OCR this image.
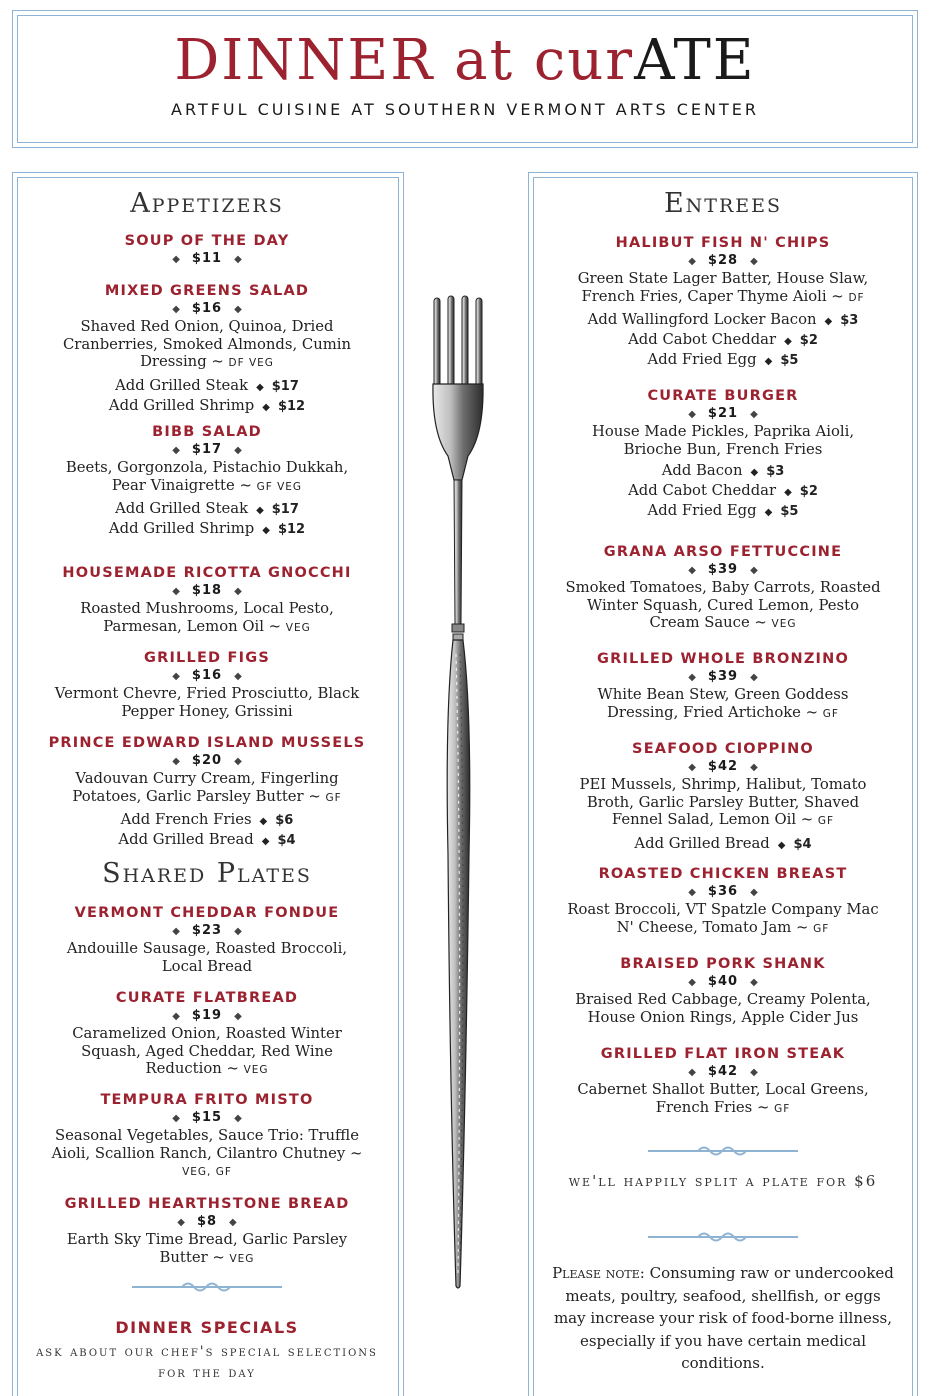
DINNER at curATE
ARTFUL CUISINE AT SOUTHERN VERMONT ARTS CENTER
Appetizers
SOUP OF THE DAY
◆ $11 ◆
MIXED GREENS SALAD
◆ $16 ◆
Shaved Red Onion, Quinoa, Dried Cranberries, Smoked Almonds, Cumin Dressing ~ DF VEG
Add Grilled Steak ◆ $17
Add Grilled Shrimp ◆ $12
BIBB SALAD
◆ $17 ◆
Beets, Gorgonzola, Pistachio Dukkah, Pear Vinaigrette ~ GF VEG
Add Grilled Steak ◆ $17
Add Grilled Shrimp ◆ $12
HOUSEMADE RICOTTA GNOCCHI
◆ $18 ◆
Roasted Mushrooms, Local Pesto, Parmesan, Lemon Oil ~ VEG
GRILLED FIGS
◆ $16 ◆
Vermont Chevre, Fried Prosciutto, Black Pepper Honey, Grissini
PRINCE EDWARD ISLAND MUSSELS
◆ $20 ◆
Vadouvan Curry Cream, Fingerling Potatoes, Garlic Parsley Butter ~ GF
Add French Fries ◆ $6
Add Grilled Bread ◆ $4
Shared Plates
VERMONT CHEDDAR FONDUE
◆ $23 ◆
Andouille Sausage, Roasted Broccoli, Local Bread
CURATE FLATBREAD
◆ $19 ◆
Caramelized Onion, Roasted Winter Squash, Aged Cheddar, Red Wine Reduction ~ VEG
TEMPURA FRITO MISTO
◆ $15 ◆
Seasonal Vegetables, Sauce Trio: Truffle Aioli, Scallion Ranch, Cilantro Chutney ~ VEG, GF
GRILLED HEARTHSTONE BREAD
◆ $8 ◆
Earth Sky Time Bread, Garlic Parsley Butter ~ VEG
DINNER SPECIALS
ask about our chef's special selections for the day
Entrees
HALIBUT FISH N' CHIPS
◆ $28 ◆
Green State Lager Batter, House Slaw, French Fries, Caper Thyme Aioli ~ DF
Add Wallingford Locker Bacon ◆ $3
Add Cabot Cheddar ◆ $2
Add Fried Egg ◆ $5
CURATE BURGER
◆ $21 ◆
House Made Pickles, Paprika Aioli, Brioche Bun, French Fries
Add Bacon ◆ $3
Add Cabot Cheddar ◆ $2
Add Fried Egg ◆ $5
GRANA ARSO FETTUCCINE
◆ $39 ◆
Smoked Tomatoes, Baby Carrots, Roasted Winter Squash, Cured Lemon, Pesto Cream Sauce ~ VEG
GRILLED WHOLE BRONZINO
◆ $39 ◆
White Bean Stew, Green Goddess Dressing, Fried Artichoke ~ GF
SEAFOOD CIOPPINO
◆ $42 ◆
PEI Mussels, Shrimp, Halibut, Tomato Broth, Garlic Parsley Butter, Shaved Fennel Salad, Lemon Oil ~ GF
Add Grilled Bread ◆ $4
ROASTED CHICKEN BREAST
◆ $36 ◆
Roast Broccoli, VT Spatzle Company Mac N' Cheese, Tomato Jam ~ GF
BRAISED PORK SHANK
◆ $40 ◆
Braised Red Cabbage, Creamy Polenta, House Onion Rings, Apple Cider Jus
GRILLED FLAT IRON STEAK
◆ $42 ◆
Cabernet Shallot Butter, Local Greens, French Fries ~ GF
we'll happily split a plate for $6
Please note: Consuming raw or undercooked meats, poultry, seafood, shellfish, or eggs may increase your risk of food-borne illness, especially if you have certain medical conditions.
